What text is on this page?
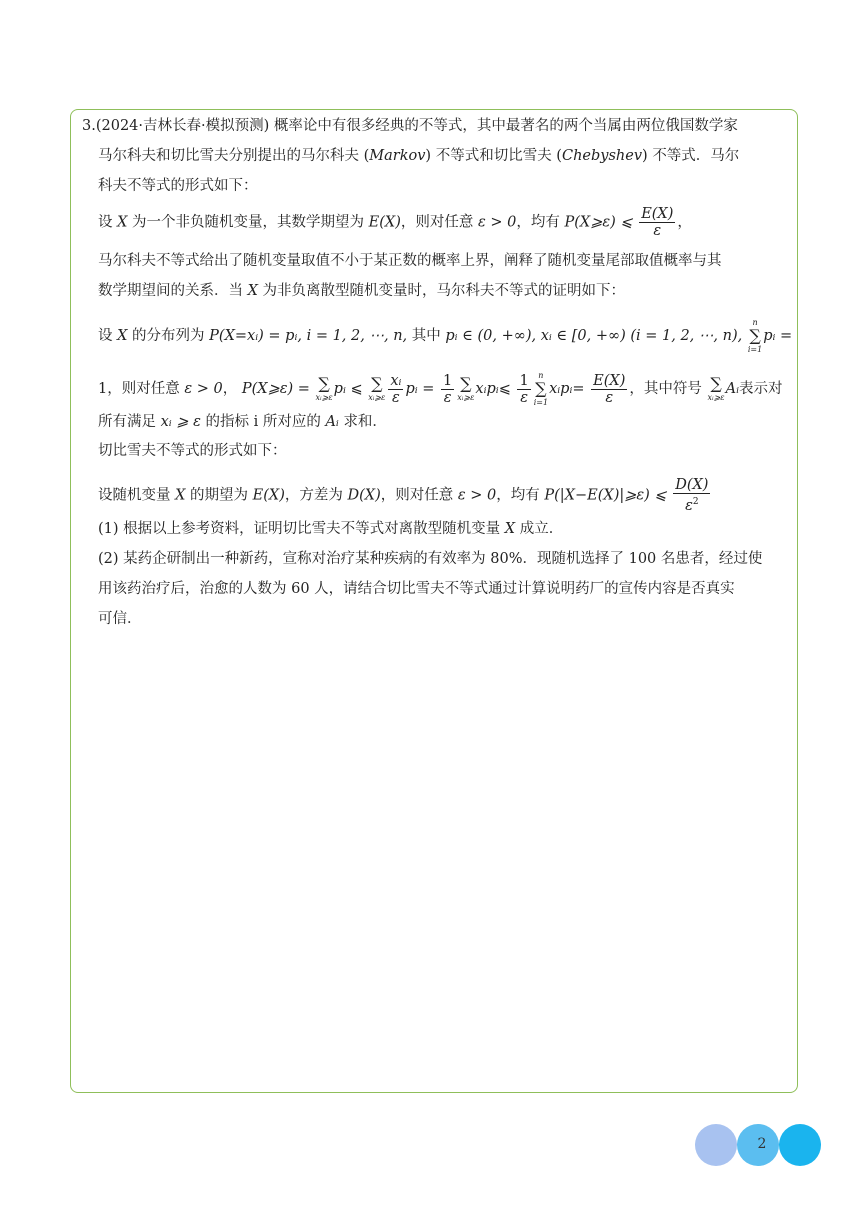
3.(2024·吉林长春·模拟预测) 概率论中有很多经典的不等式，其中最著名的两个当属由两位俄国数学家
马尔科夫和切比雪夫分别提出的马尔科夫 (Markov) 不等式和切比雪夫 (Chebyshev) 不等式．马尔
科夫不等式的形式如下：
设 X 为一个非负随机变量，其数学期望为 E(X)，则对任意 ε > 0，均有 P(X⩾ε) ⩽ $\frac{E(X)}{\varepsilon}$ ，
马尔科夫不等式给出了随机变量取值不小于某正数的概率上界，阐释了随机变量尾部取值概率与其
数学期望间的关系．当 X 为非负离散型随机变量时，马尔科夫不等式的证明如下：
设 X 的分布列为 P(X=xᵢ) = pᵢ, i = 1, 2, ⋯, n, 其中 pᵢ ∈ (0, +∞), xᵢ ∈ [0, +∞) (i = 1, 2, ⋯, n),
n
∑
i=1
pᵢ =
1，则对任意 ε > 0， P(X⩾ε) = ∑
xᵢ⩾ε pᵢ ⩽ ∑
xᵢ⩾ε $\frac{\text{xᵢ}}{\varepsilon}$ pᵢ = $\frac{1}{\varepsilon}$ ∑
xᵢ⩾ε xᵢpᵢ⩽ $\frac{1}{\varepsilon}$ n
∑
i=1
xᵢpᵢ= $\frac{E(X)}{\varepsilon}$ ，其中符号 ∑
xᵢ⩾ε Aᵢ表示对
所有满足 xᵢ ⩾ ε 的指标 i 所对应的 Aᵢ 求和．
切比雪夫不等式的形式如下：
设随机变量 X 的期望为 E(X)，方差为 D(X)，则对任意 ε > 0，均有 P(|X−E(X)|⩾ε) ⩽ $\frac{D(X)}{\varepsilon^2}$
(1) 根据以上参考资料，证明切比雪夫不等式对离散型随机变量 X 成立．
(2) 某药企研制出一种新药，宣称对治疗某种疾病的有效率为 80%．现随机选择了 100 名患者，经过使
用该药治疗后，治愈的人数为 60 人，请结合切比雪夫不等式通过计算说明药厂的宣传内容是否真实
可信．
2
